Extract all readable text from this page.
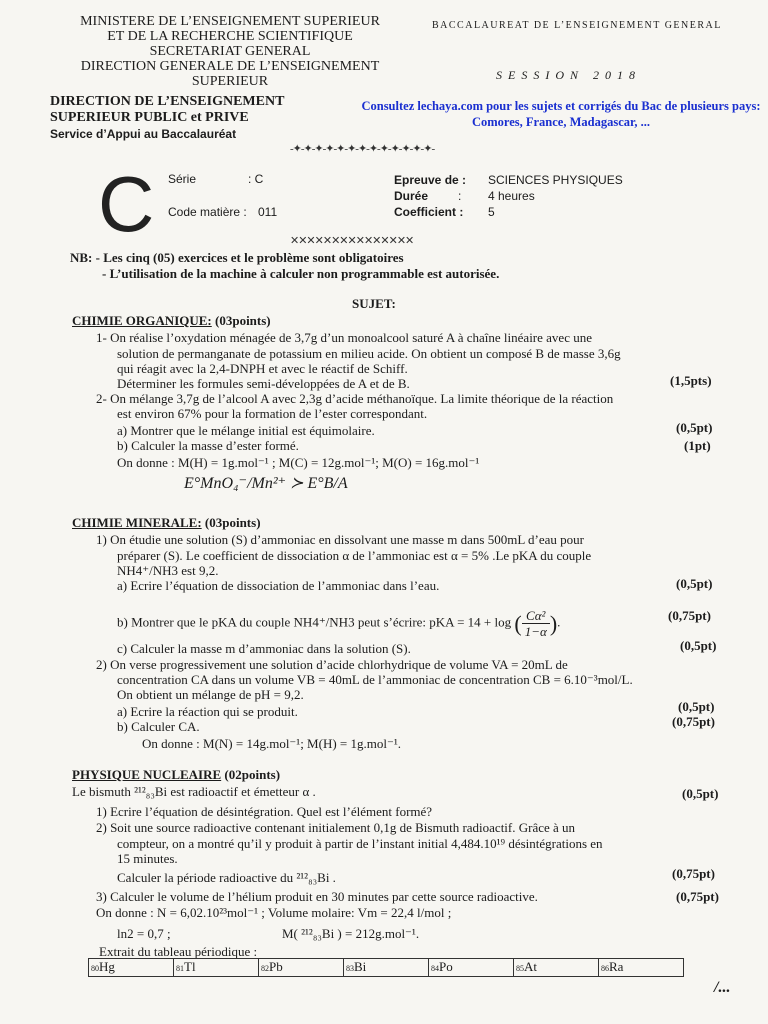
MINISTERE DE L’ENSEIGNEMENT SUPERIEUR
ET DE LA RECHERCHE SCIENTIFIQUE
SECRETARIAT GENERAL
DIRECTION GENERALE DE L’ENSEIGNEMENT
SUPERIEUR
DIRECTION DE L’ENSEIGNEMENT
SUPERIEUR PUBLIC et PRIVE
Service d’Appui au Baccalauréat
BACCALAUREAT DE L’ENSEIGNEMENT GENERAL
SESSION 2018
Consultez lechaya.com pour les sujets et corrigés du Bac de plusieurs pays:
Comores, France, Madagascar, ...
-✦-✦-✦-✦-✦-✦-✦-✦-✦-✦-✦-✦-✦-
C Série	: C
Code matière : 011
Epreuve de : SCIENCES PHYSIQUES
Durée : 4 heures
Coefficient : 5
✕✕✕✕✕✕✕✕✕✕✕✕✕✕✕
NB: - Les cinq (05) exercices et le problème sont obligatoires
- L’utilisation de la machine à calculer non programmable est autorisée.
SUJET:
CHIMIE ORGANIQUE: (03points)
1- On réalise l’oxydation ménagée de 3,7g d’un monoalcool saturé A à chaîne linéaire avec une
solution de permanganate de potassium en milieu acide. On obtient un composé B de masse 3,6g
qui réagit avec la 2,4-DNPH et avec le réactif de Schiff.
Déterminer les formules semi-développées de A et de B.	(1,5pts)
2- On mélange 3,7g de l’alcool A avec 2,3g d’acide méthanoïque. La limite théorique de la réaction
est environ 67% pour la formation de l’ester correspondant.
a) Montrer que le mélange initial est équimolaire.	(0,5pt)
b) Calculer la masse d’ester formé.	(1pt)
On donne : M(H) = 1g.mol⁻¹ ; M(C) = 12g.mol⁻¹; M(O) = 16g.mol⁻¹
E°MnO₄⁻/Mn²⁺ ≻ E°B/A
CHIMIE MINERALE: (03points)
1) On étudie une solution (S) d’ammoniac en dissolvant une masse m dans 500mL d’eau pour
préparer (S). Le coefficient de dissociation α de l’ammoniac est α = 5% .Le pKA du couple
NH4⁺/NH3 est 9,2.
a) Ecrire l’équation de dissociation de l’ammoniac dans l’eau.	(0,5pt)
b) Montrer que le pKA du couple NH4⁺/NH3 peut s’écrire: pKA = 14 + log ( $\frac{\text{Cα²}}{1-\alpha}$ ).	(0,75pt)
c) Calculer la masse m d’ammoniac dans la solution (S).	(0,5pt)
2) On verse progressivement une solution d’acide chlorhydrique de volume VA = 20mL de
concentration CA dans un volume VB = 40mL de l’ammoniac de concentration CB = 6.10⁻³mol/L.
On obtient un mélange de pH = 9,2.
a) Ecrire la réaction qui se produit.	(0,5pt)
b) Calculer CA.	(0,75pt)
On donne : M(N) = 14g.mol⁻¹; M(H) = 1g.mol⁻¹.
PHYSIQUE NUCLEAIRE (02points)
Le bismuth ²¹²₈₃Bi est radioactif et émetteur α .	(0,5pt)
1) Ecrire l’équation de désintégration. Quel est l’élément formé?
2) Soit une source radioactive contenant initialement 0,1g de Bismuth radioactif. Grâce à un
compteur, on a montré qu’il y produit à partir de l’instant initial 4,484.10¹⁹ désintégrations en
15 minutes.
Calculer la période radioactive du ²¹²₈₃Bi .	(0,75pt)
3) Calculer le volume de l’hélium produit en 30 minutes par cette source radioactive.	(0,75pt)
On donne : N = 6,02.10²³mol⁻¹ ; Volume molaire: Vm = 22,4 l/mol ;
ln2 = 0,7 ;	M( ²¹²₈₃Bi ) = 212g.mol⁻¹.
Extrait du tableau périodique :
80Hg	81Tl	82Pb	83Bi	84Po	85At	86Ra
/...
